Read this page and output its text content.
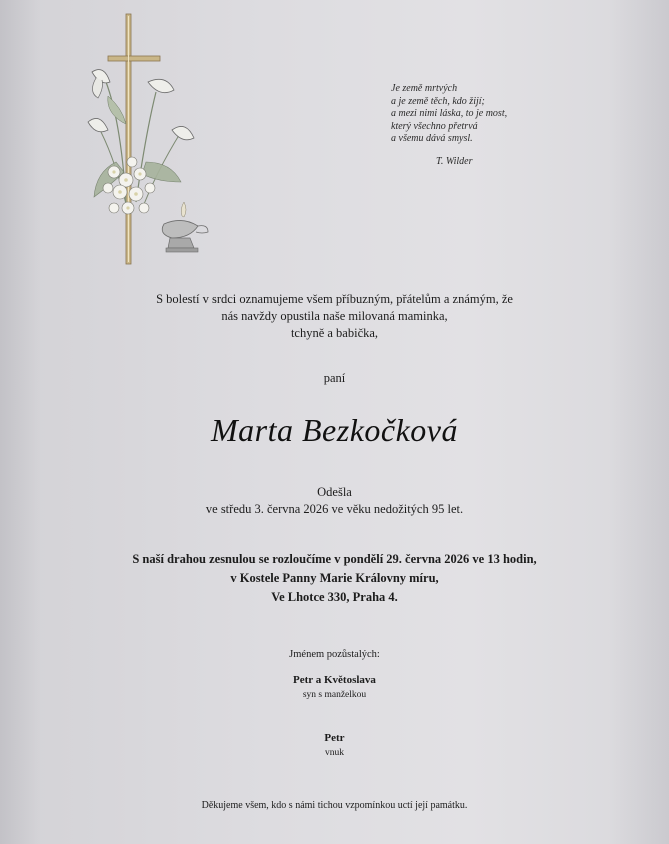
Je země mrtvých
a je země těch, kdo žijí;
a mezi nimi láska, to je most,
který všechno přetrvá
a všemu dává smysl.
T. Wilder
S bolestí v srdci oznamujeme všem příbuzným, přátelům a známým, že
nás navždy opustila naše milovaná maminka,
tchyně a babička,
paní
Marta Bezkočková
Odešla
ve středu 3. června 2026 ve věku nedožitých 95 let.
S naší drahou zesnulou se rozloučíme v pondělí 29. června 2026 ve 13 hodin,
v Kostele Panny Marie Královny míru,
Ve Lhotce 330, Praha 4.
Jménem pozůstalých:
Petr a Květoslava
syn s manželkou
Petr
vnuk
Děkujeme všem, kdo s námi tichou vzpomínkou uctí její památku.
